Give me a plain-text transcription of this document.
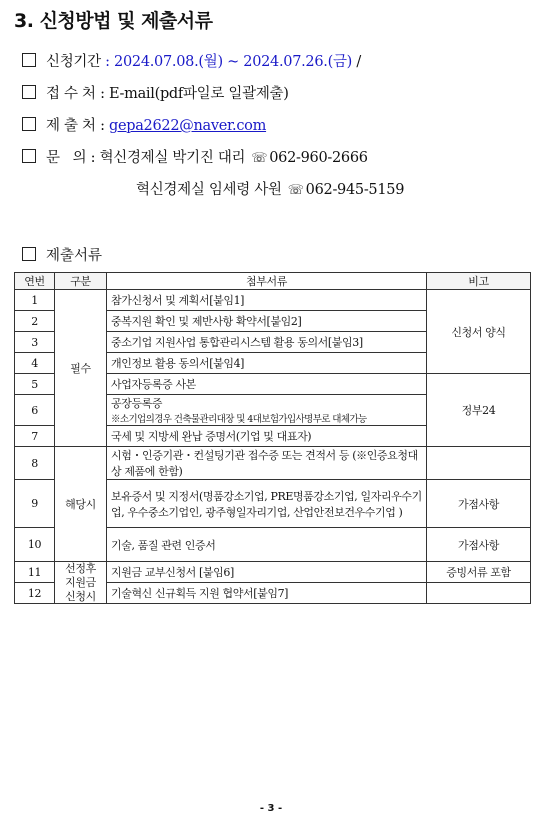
3. 신청방법 및 제출서류
신청기간 : 2024.07.08.(월) ~ 2024.07.26.(금) /
접 수 처 : E-mail(pdf파일로 일괄제출)
제 출 처 : gepa2622@naver.com
문   의 : 혁신경제실 박기진 대리 ☏ 062-960-2666
혁신경제실 임세령 사원 ☏ 062-945-5159
제출서류
연번	구분	첨부서류	비고
1	필수	참가신청서 및 계획서[붙임1]	신청서 양식
2		중복지원 확인 및 제반사항 확약서[붙임2]	
3		중소기업 지원사업 통합관리시스템 활용 동의서[붙임3]	
4		개인정보 활용 동의서[붙임4]	
5		사업자등록증 사본	정부24
6		공장등록증
※소기업의경우 건축물관리대장 및 4대보험가입사명부로 대체가능	

7		국세 및 지방세 완납 증명서(기업 및 대표자)	
8	해당시	시험・인증기관・컨설팅기관 접수증 또는 견적서 등 (※인증요청대상 제품에 한함)	
9		보유증서 및 지정서(명품강소기업, PRE명품강소기업, 일자리우수기업, 우수중소기업인, 광주형일자리기업, 산업안전보건우수기업 )	가점사항
10		기술, 품질 관련 인증서	가점사항
11	선정후 지원금 신청시	지원금 교부신청서 [붙임6]	증빙서류 포함
12		기술혁신 신규획득 지원 협약서[붙임7]	
- 3 -
